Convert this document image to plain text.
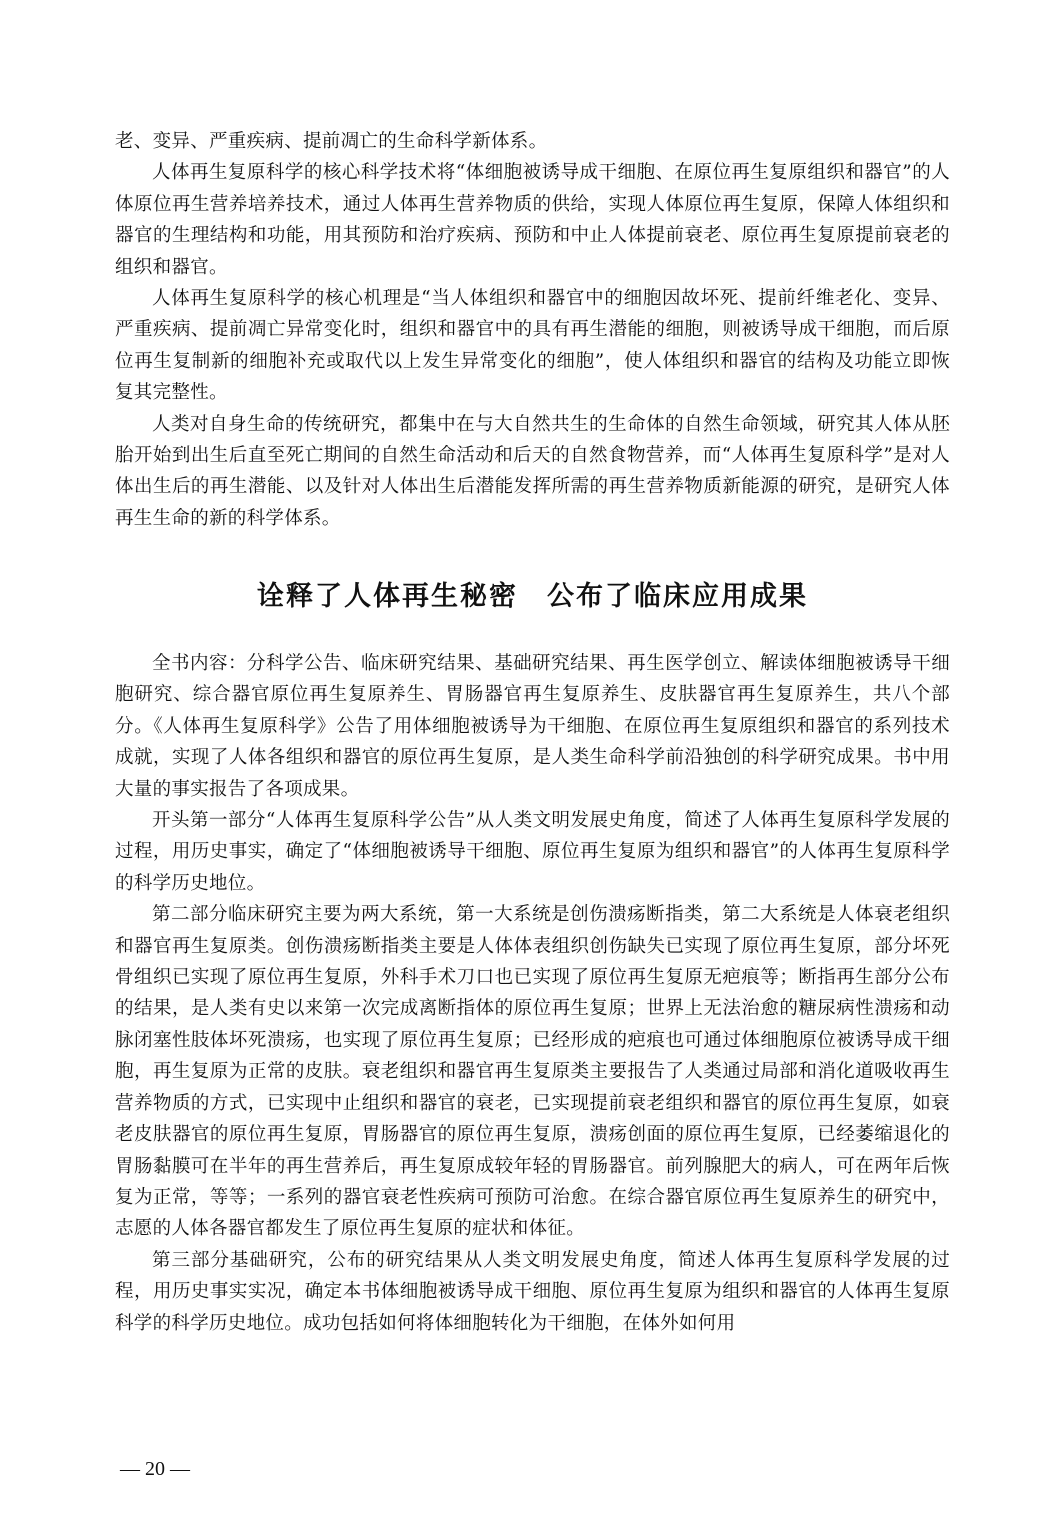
老、变异、严重疾病、提前凋亡的生命科学新体系。

人体再生复原科学的核心科学技术将“体细胞被诱导成干细胞、在原位再生复原组织和器官”的人体原位再生营养培养技术，通过人体再生营养物质的供给，实现人体原位再生复原，保障人体组织和器官的生理结构和功能，用其预防和治疗疾病、预防和中止人体提前衰老、原位再生复原提前衰老的组织和器官。

人体再生复原科学的核心机理是“当人体组织和器官中的细胞因故坏死、提前纤维老化、变异、严重疾病、提前凋亡异常变化时，组织和器官中的具有再生潜能的细胞，则被诱导成干细胞，而后原位再生复制新的细胞补充或取代以上发生异常变化的细胞”，使人体组织和器官的结构及功能立即恢复其完整性。

人类对自身生命的传统研究，都集中在与大自然共生的生命体的自然生命领域，研究其人体从胚胎开始到出生后直至死亡期间的自然生命活动和后天的自然食物营养，而“人体再生复原科学”是对人体出生后的再生潜能、以及针对人体出生后潜能发挥所需的再生营养物质新能源的研究，是研究人体再生生命的新的科学体系。

诠释了人体再生秘密　公布了临床应用成果

全书内容：分科学公告、临床研究结果、基础研究结果、再生医学创立、解读体细胞被诱导干细胞研究、综合器官原位再生复原养生、胃肠器官再生复原养生、皮肤器官再生复原养生，共八个部分。《人体再生复原科学》公告了用体细胞被诱导为干细胞、在原位再生复原组织和器官的系列技术成就，实现了人体各组织和器官的原位再生复原，是人类生命科学前沿独创的科学研究成果。书中用大量的事实报告了各项成果。

开头第一部分“人体再生复原科学公告”从人类文明发展史角度，简述了人体再生复原科学发展的过程，用历史事实，确定了“体细胞被诱导干细胞、原位再生复原为组织和器官”的人体再生复原科学的科学历史地位。

第二部分临床研究主要为两大系统，第一大系统是创伤溃疡断指类，第二大系统是人体衰老组织和器官再生复原类。创伤溃疡断指类主要是人体体表组织创伤缺失已实现了原位再生复原，部分坏死骨组织已实现了原位再生复原，外科手术刀口也已实现了原位再生复原无疤痕等；断指再生部分公布的结果，是人类有史以来第一次完成离断指体的原位再生复原；世界上无法治愈的糖尿病性溃疡和动脉闭塞性肢体坏死溃疡，也实现了原位再生复原；已经形成的疤痕也可通过体细胞原位被诱导成干细胞，再生复原为正常的皮肤。衰老组织和器官再生复原类主要报告了人类通过局部和消化道吸收再生营养物质的方式，已实现中止组织和器官的衰老，已实现提前衰老组织和器官的原位再生复原，如衰老皮肤器官的原位再生复原，胃肠器官的原位再生复原，溃疡创面的原位再生复原，已经萎缩退化的胃肠黏膜可在半年的再生营养后，再生复原成较年轻的胃肠器官。前列腺肥大的病人，可在两年后恢复为正常，等等；一系列的器官衰老性疾病可预防可治愈。在综合器官原位再生复原养生的研究中，志愿的人体各器官都发生了原位再生复原的症状和体征。

第三部分基础研究，公布的研究结果从人类文明发展史角度，简述人体再生复原科学发展的过程，用历史事实实况，确定本书体细胞被诱导成干细胞、原位再生复原为组织和器官的人体再生复原科学的科学历史地位。成功包括如何将体细胞转化为干细胞，在体外如何用

— 20 —
